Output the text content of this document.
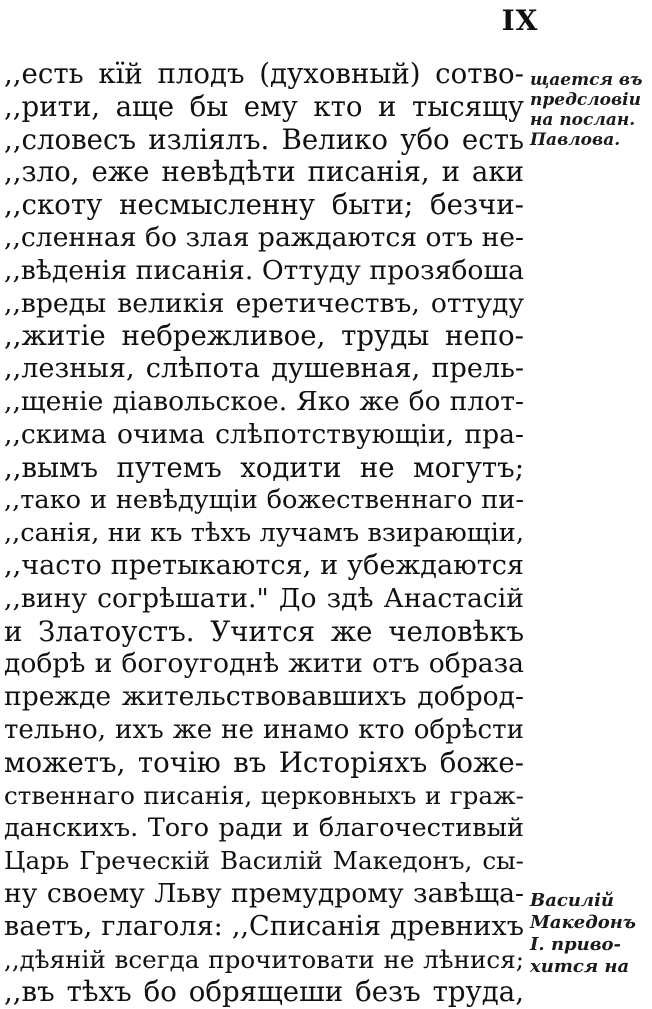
IX
,,есть кїй плодъ (духовный) сотво-
,,рити, аще бы ему кто и тысящу
,,словесъ изліялъ. Велико убо есть
,,зло, еже невѣдѣти писанія, и аки
,,скоту несмысленну быти; безчи-
,,сленная бо злая раждаются отъ не-
,,вѣденія писанія. Оттуду прозябоша
,,вреды великія еретичествъ, оттуду
,,житіе небрежливое, труды непо-
,,лезныя, слѣпота душевная, прель-
,,щеніе діавольское. Яко же бо плот-
,,скима очима слѣпотствующіи, пра-
,,вымъ путемъ ходити не могутъ;
,,тако и невѣдущіи божественнаго пи-
,,санія, ни къ тѣхъ лучамъ взирающіи,
,,часто претыкаются, и убеждаются
,,вину согрѣшати." До здѣ Анастасій
и Златоустъ. Учится же человѣкъ
добрѣ и богоугоднѣ жити отъ образа
прежде жительствовавшихъ доброд-
тельно, ихъ же не инамо кто обрѣсти
можетъ, точію въ Исторіяхъ боже-
ственнаго писанія, церковныхъ и граж-
данскихъ. Того ради и благочестивый
Царь Греческій Василій Македонъ, сы-
ну своему Льву премудрому завѣща-
ваетъ, глаголя: ,,Списанія древнихъ
,,дѣяній всегда прочитовати не лѣнися;
,,въ тѣхъ бо обрящеши безъ труда,
щается въ
предсловіи
на послан.
Павлова.
Василій
Македонъ
I. приво-
хится на
